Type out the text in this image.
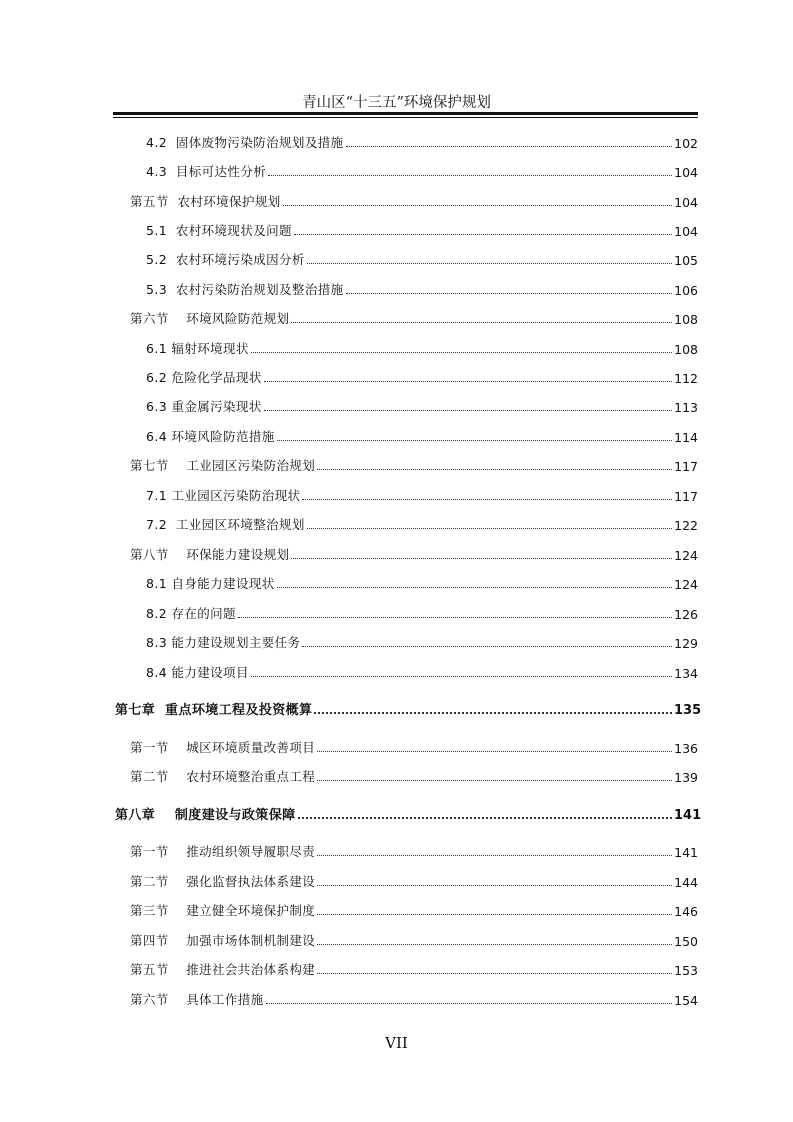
青山区“十三五”环境保护规划
4.2  固体废物污染防治规划及措施	102
4.3  目标可达性分析	104
第五节  农村环境保护规划	104
5.1  农村环境现状及问题	104
5.2  农村环境污染成因分析	105
5.3  农村污染防治规划及整治措施	106
第六节    环境风险防范规划	108
6.1 辐射环境现状	108
6.2 危险化学品现状	112
6.3 重金属污染现状	113
6.4 环境风险防范措施	114
第七节    工业园区污染防治规划	117
7.1 工业园区污染防治现状	117
7.2  工业园区环境整治规划	122
第八节    环保能力建设规划	124
8.1 自身能力建设现状	124
8.2 存在的问题	126
8.3 能力建设规划主要任务	129
8.4 能力建设项目	134
第七章  重点环境工程及投资概算	135
第一节    城区环境质量改善项目	136
第二节    农村环境整治重点工程	139
第八章    制度建设与政策保障	141
第一节    推动组织领导履职尽责	141
第二节    强化监督执法体系建设	144
第三节    建立健全环境保护制度	146
第四节    加强市场体制机制建设	150
第五节    推进社会共治体系构建	153
第六节    具体工作措施	154
VII
